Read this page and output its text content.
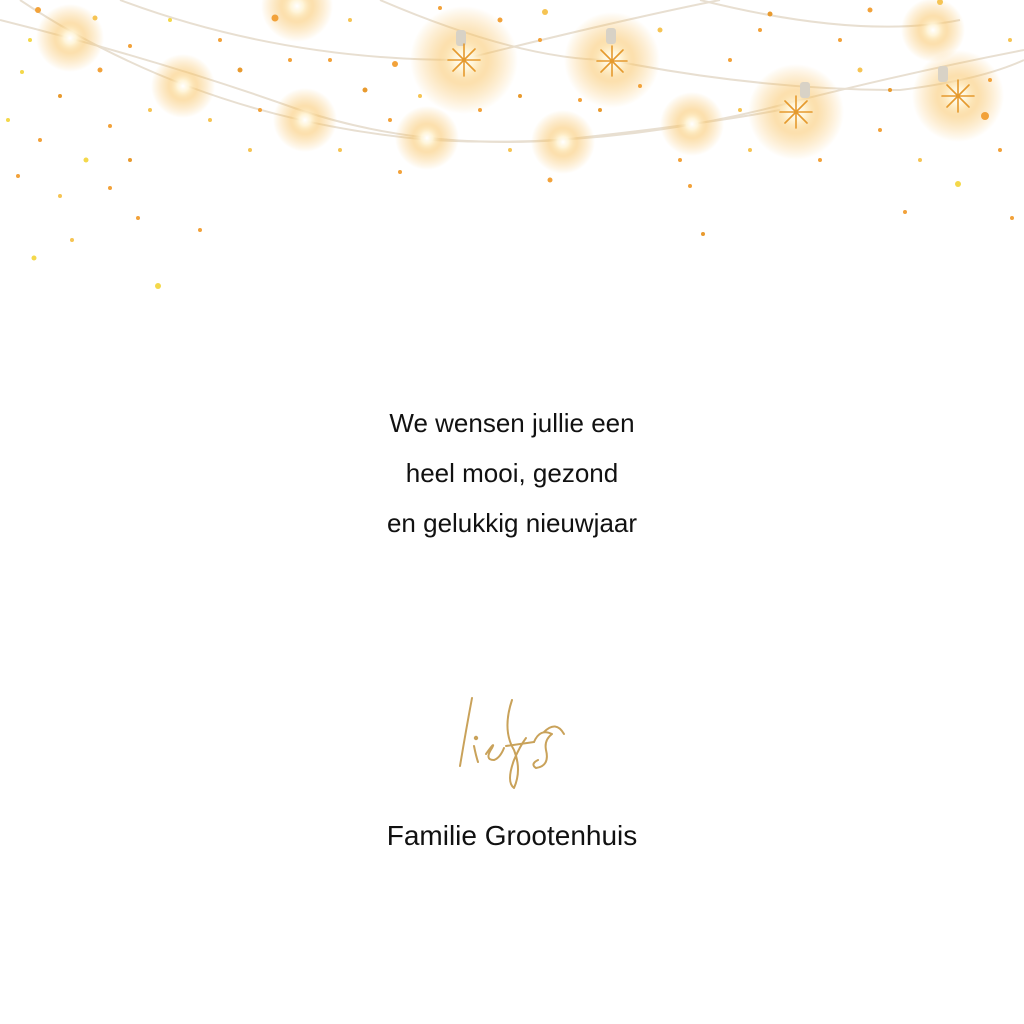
We wensen jullie een
heel mooi, gezond
en gelukkig nieuwjaar
Familie Grootenhuis
